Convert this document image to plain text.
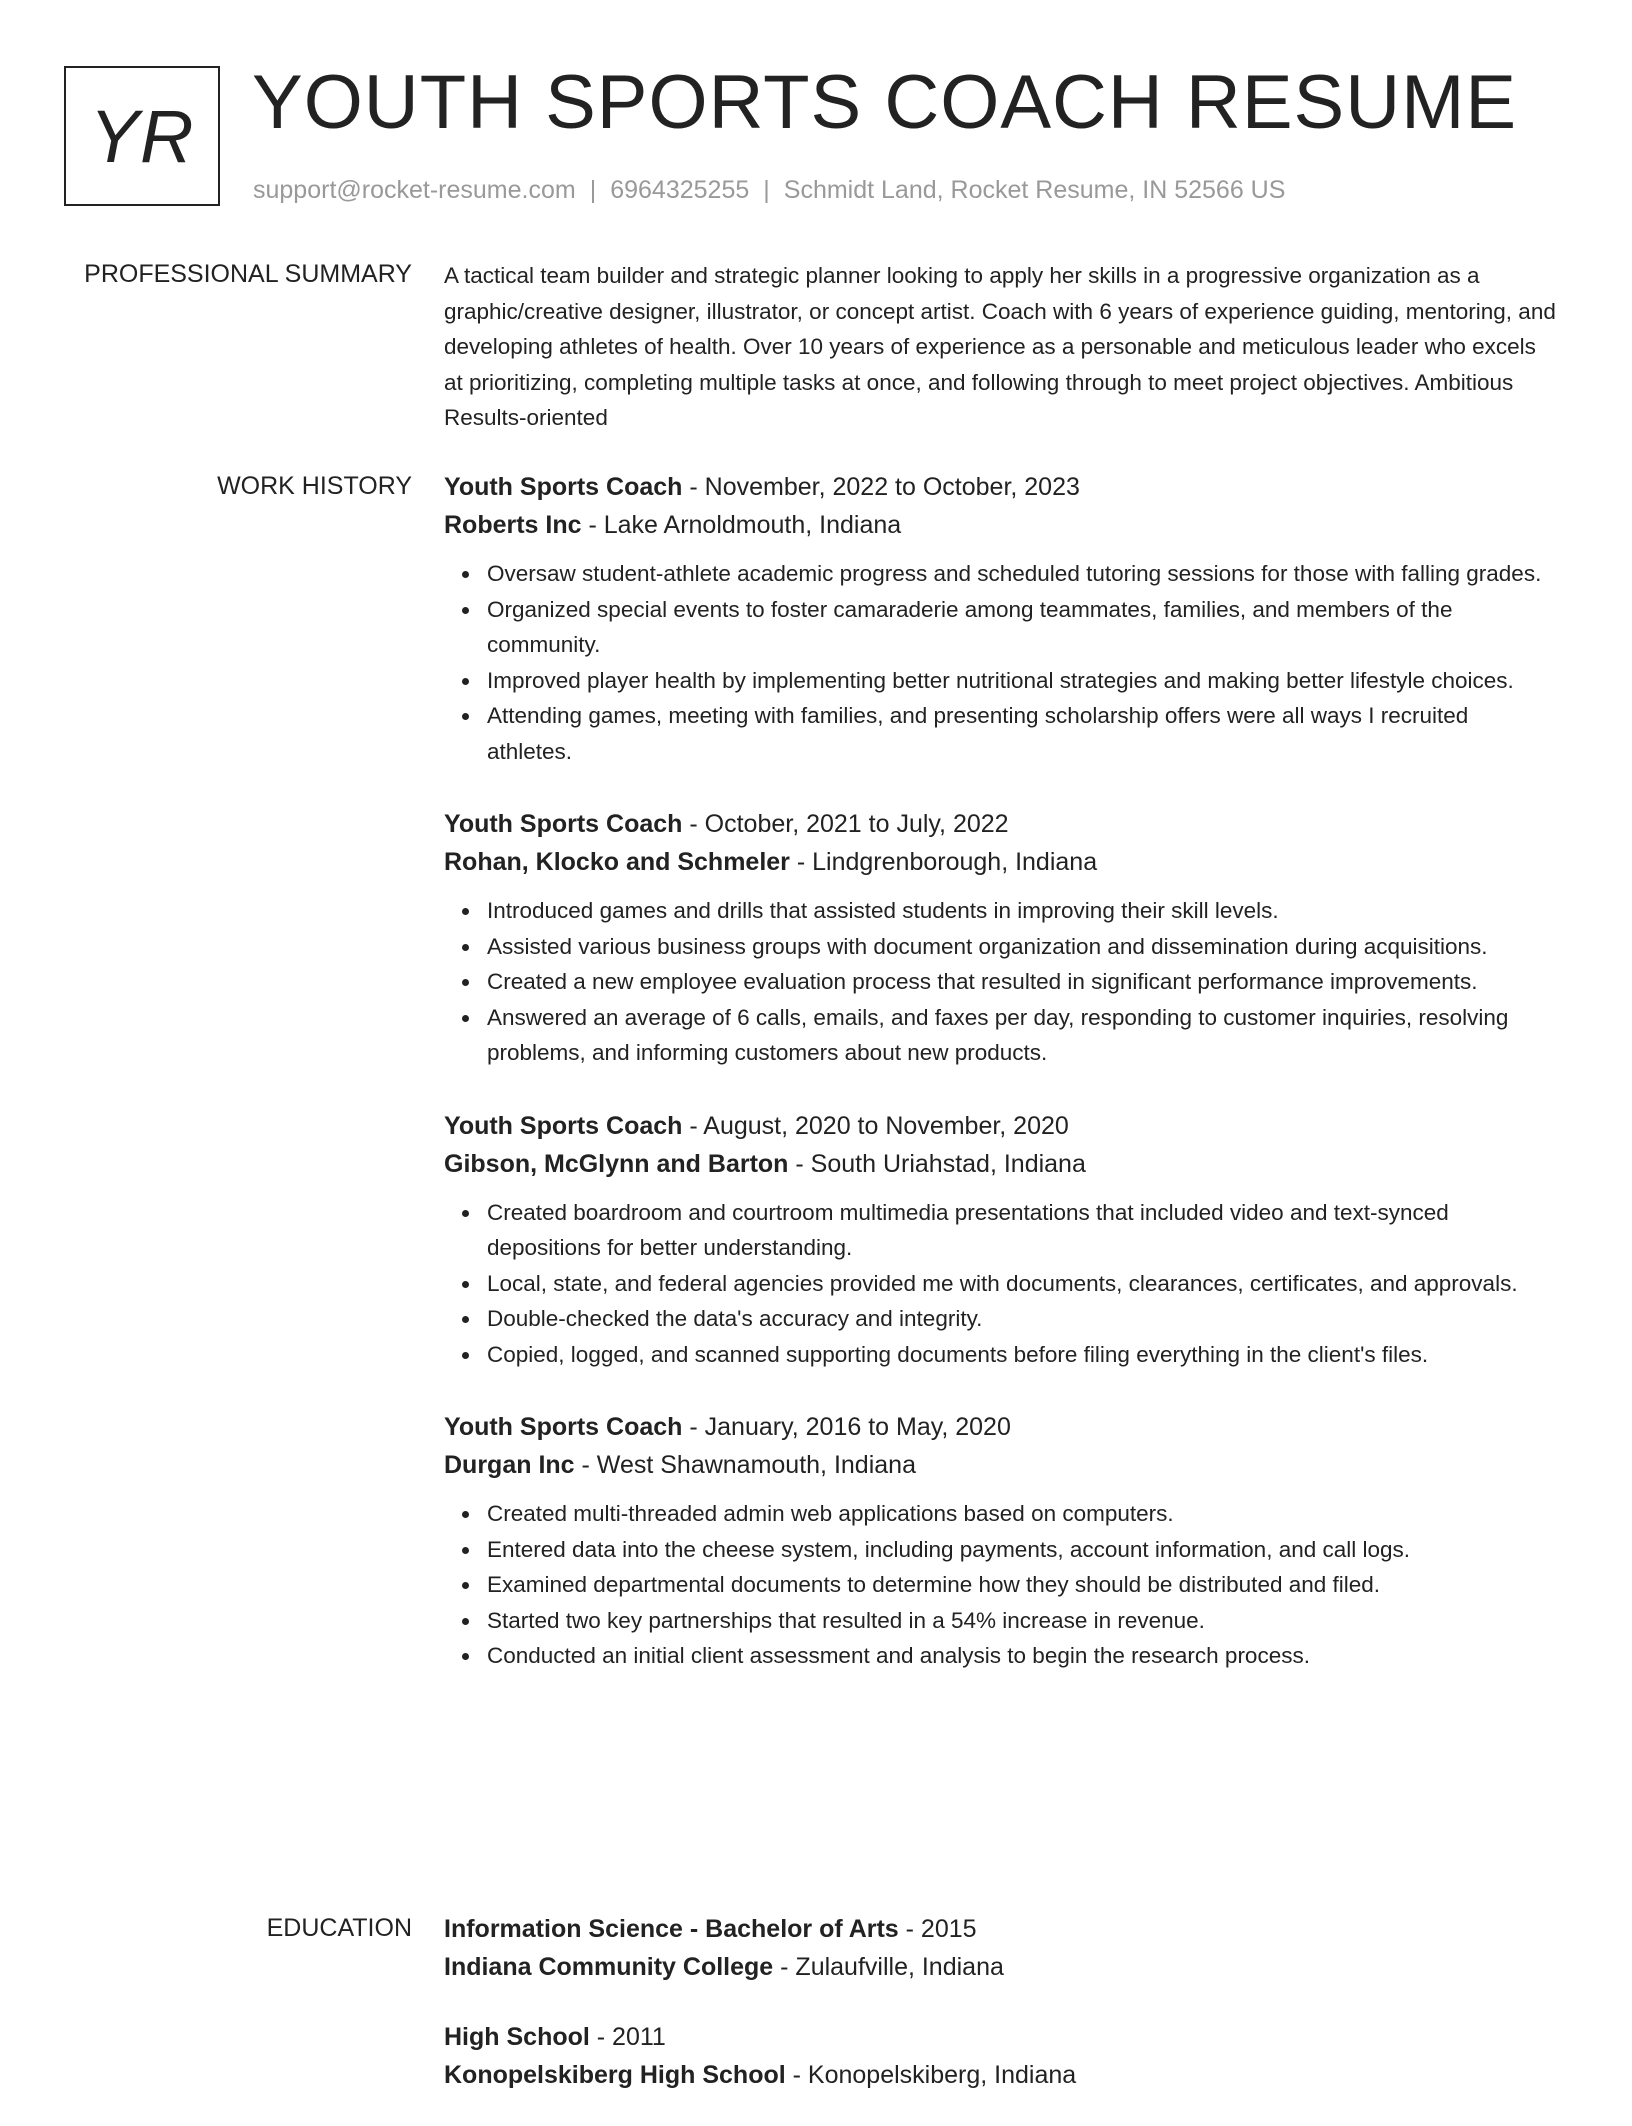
YR YOUTH SPORTS COACH RESUME
support@rocket-resume.com | 6964325255 | Schmidt Land, Rocket Resume, IN 52566 US
PROFESSIONAL SUMMARY A tactical team builder and strategic planner looking to apply her skills in a progressive organization as a graphic/creative designer, illustrator, or concept artist. Coach with 6 years of experience guiding, mentoring, and developing athletes of health. Over 10 years of experience as a personable and meticulous leader who excels at prioritizing, completing multiple tasks at once, and following through to meet project objectives. Ambitious Results-oriented

WORK HISTORY Youth Sports Coach - November, 2022 to October, 2023
Roberts Inc - Lake Arnoldmouth, Indiana
Oversaw student-athlete academic progress and scheduled tutoring sessions for those with falling grades.
Organized special events to foster camaraderie among teammates, families, and members of the community.
Improved player health by implementing better nutritional strategies and making better lifestyle choices.
Attending games, meeting with families, and presenting scholarship offers were all ways I recruited athletes.
Youth Sports Coach - October, 2021 to July, 2022
Rohan, Klocko and Schmeler - Lindgrenborough, Indiana
Introduced games and drills that assisted students in improving their skill levels.
Assisted various business groups with document organization and dissemination during acquisitions.
Created a new employee evaluation process that resulted in significant performance improvements.
Answered an average of 6 calls, emails, and faxes per day, responding to customer inquiries, resolving problems, and informing customers about new products.
Youth Sports Coach - August, 2020 to November, 2020
Gibson, McGlynn and Barton - South Uriahstad, Indiana
Created boardroom and courtroom multimedia presentations that included video and text-synced depositions for better understanding.
Local, state, and federal agencies provided me with documents, clearances, certificates, and approvals.
Double-checked the data's accuracy and integrity.
Copied, logged, and scanned supporting documents before filing everything in the client's files.
Youth Sports Coach - January, 2016 to May, 2020
Durgan Inc - West Shawnamouth, Indiana
Created multi-threaded admin web applications based on computers.
Entered data into the cheese system, including payments, account information, and call logs.
Examined departmental documents to determine how they should be distributed and filed.
Started two key partnerships that resulted in a 54% increase in revenue.
Conducted an initial client assessment and analysis to begin the research process.
EDUCATION Information Science - Bachelor of Arts - 2015
Indiana Community College - Zulaufville, Indiana
High School - 2011
Konopelskiberg High School - Konopelskiberg, Indiana
